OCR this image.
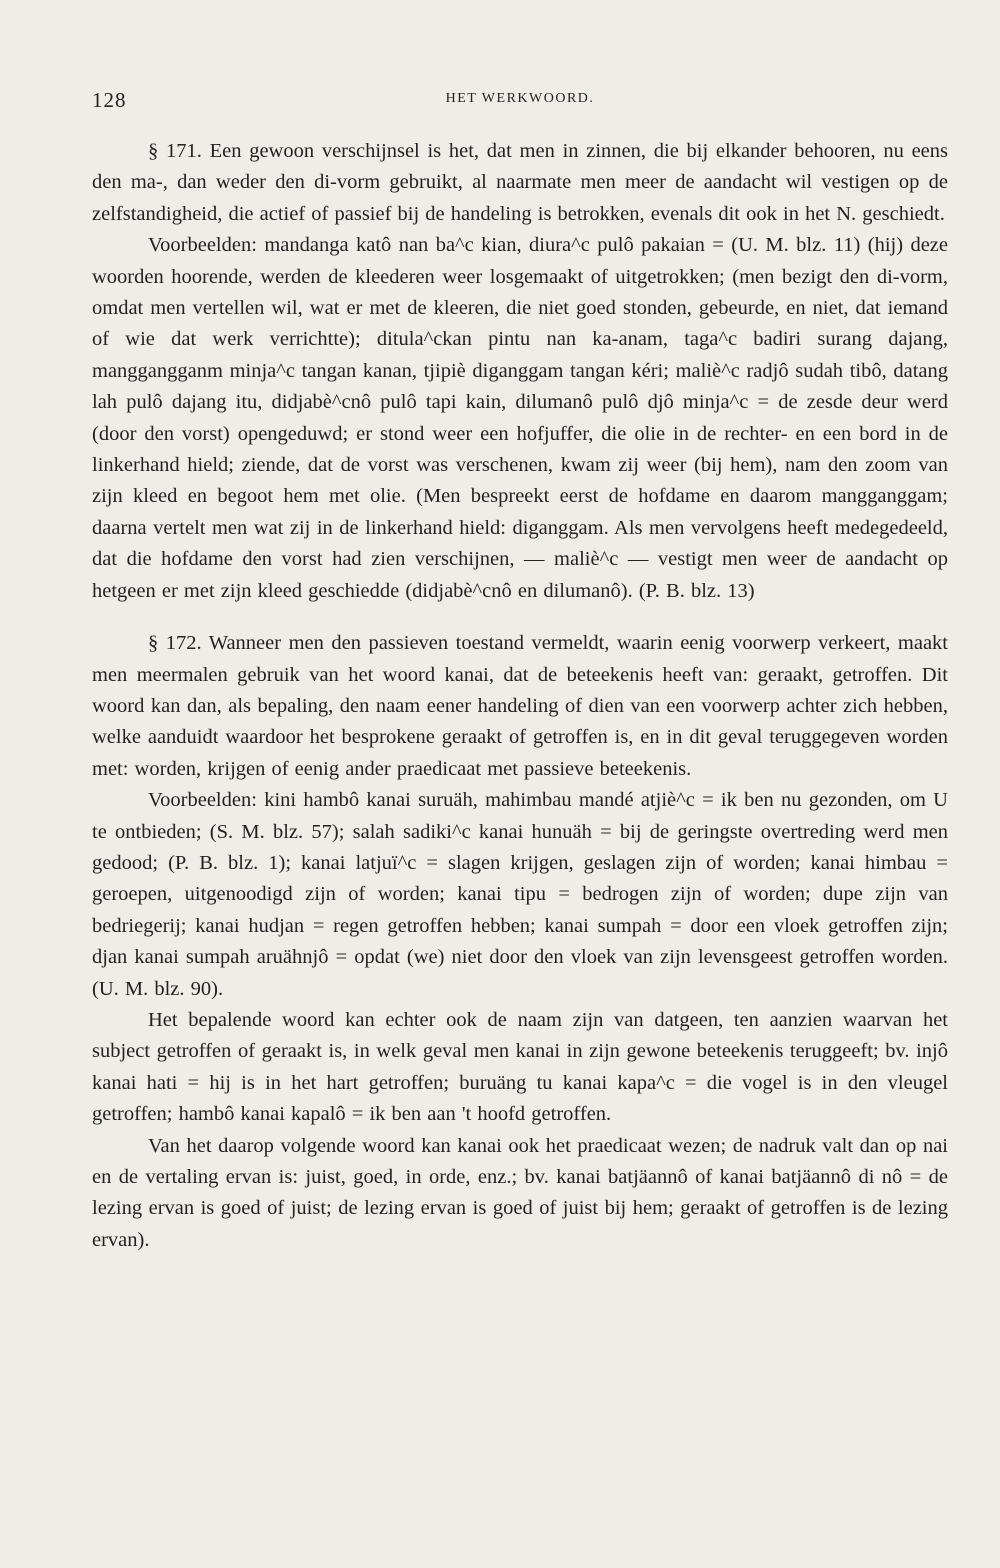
128	HET WERKWOORD.

§ 171. Een gewoon verschijnsel is het, dat men in zinnen, die bij elkander behooren, nu eens den ma-, dan weder den di-vorm gebruikt, al naarmate men meer de aandacht wil vestigen op de zelfstandigheid, die actief of passief bij de handeling is betrokken, evenals dit ook in het N. geschiedt.

Voorbeelden: mandanga katô nan ba^c kian, diura^c pulô pakaian = (U. M. blz. 11) (hij) deze woorden hoorende, werden de kleederen weer losgemaakt of uitgetrokken; (men bezigt den di-vorm, omdat men vertellen wil, wat er met de kleeren, die niet goed stonden, gebeurde, en niet, dat iemand of wie dat werk verrichtte); ditula^ckan pintu nan ka-anam, taga^c badiri surang dajang, manggangganm minja^c tangan kanan, tjipiè diganggam tangan kéri; maliè^c radjô sudah tibô, datang lah pulô dajang itu, didjabè^cnô pulô tapi kain, dilumanô pulô djô minja^c = de zesde deur werd (door den vorst) opengeduwd; er stond weer een hofjuffer, die olie in de rechter- en een bord in de linkerhand hield; ziende, dat de vorst was verschenen, kwam zij weer (bij hem), nam den zoom van zijn kleed en begoot hem met olie. (Men bespreekt eerst de hofdame en daarom mangganggam; daarna vertelt men wat zij in de linkerhand hield: diganggam. Als men vervolgens heeft medegedeeld, dat die hofdame den vorst had zien verschijnen, — maliè^c — vestigt men weer de aandacht op hetgeen er met zijn kleed geschiedde (didjabè^cnô en dilumanô). (P. B. blz. 13)

§ 172. Wanneer men den passieven toestand vermeldt, waarin eenig voorwerp verkeert, maakt men meermalen gebruik van het woord kanai, dat de beteekenis heeft van: geraakt, getroffen. Dit woord kan dan, als bepaling, den naam eener handeling of dien van een voorwerp achter zich hebben, welke aanduidt waardoor het besprokene geraakt of getroffen is, en in dit geval teruggegeven worden met: worden, krijgen of eenig ander praedicaat met passieve beteekenis.

Voorbeelden: kini hambô kanai suruäh, mahimbau mandé atjiè^c = ik ben nu gezonden, om U te ontbieden; (S. M. blz. 57); salah sadiki^c kanai hunuäh = bij de geringste overtreding werd men gedood; (P. B. blz. 1); kanai latjuï^c = slagen krijgen, geslagen zijn of worden; kanai himbau = geroepen, uitgenoodigd zijn of worden; kanai tipu = bedrogen zijn of worden; dupe zijn van bedriegerij; kanai hudjan = regen getroffen hebben; kanai sumpah = door een vloek getroffen zijn; djan kanai sumpah aruähnjô = opdat (we) niet door den vloek van zijn levensgeest getroffen worden. (U. M. blz. 90).

Het bepalende woord kan echter ook de naam zijn van datgeen, ten aanzien waarvan het subject getroffen of geraakt is, in welk geval men kanai in zijn gewone beteekenis teruggeeft; bv. injô kanai hati = hij is in het hart getroffen; buruäng tu kanai kapa^c = die vogel is in den vleugel getroffen; hambô kanai kapalô = ik ben aan 't hoofd getroffen.

Van het daarop volgende woord kan kanai ook het praedicaat wezen; de nadruk valt dan op nai en de vertaling ervan is: juist, goed, in orde, enz.; bv. kanai batjäannô of kanai batjäannô di nô = de lezing ervan is goed of juist; de lezing ervan is goed of juist bij hem; geraakt of getroffen is de lezing ervan).
